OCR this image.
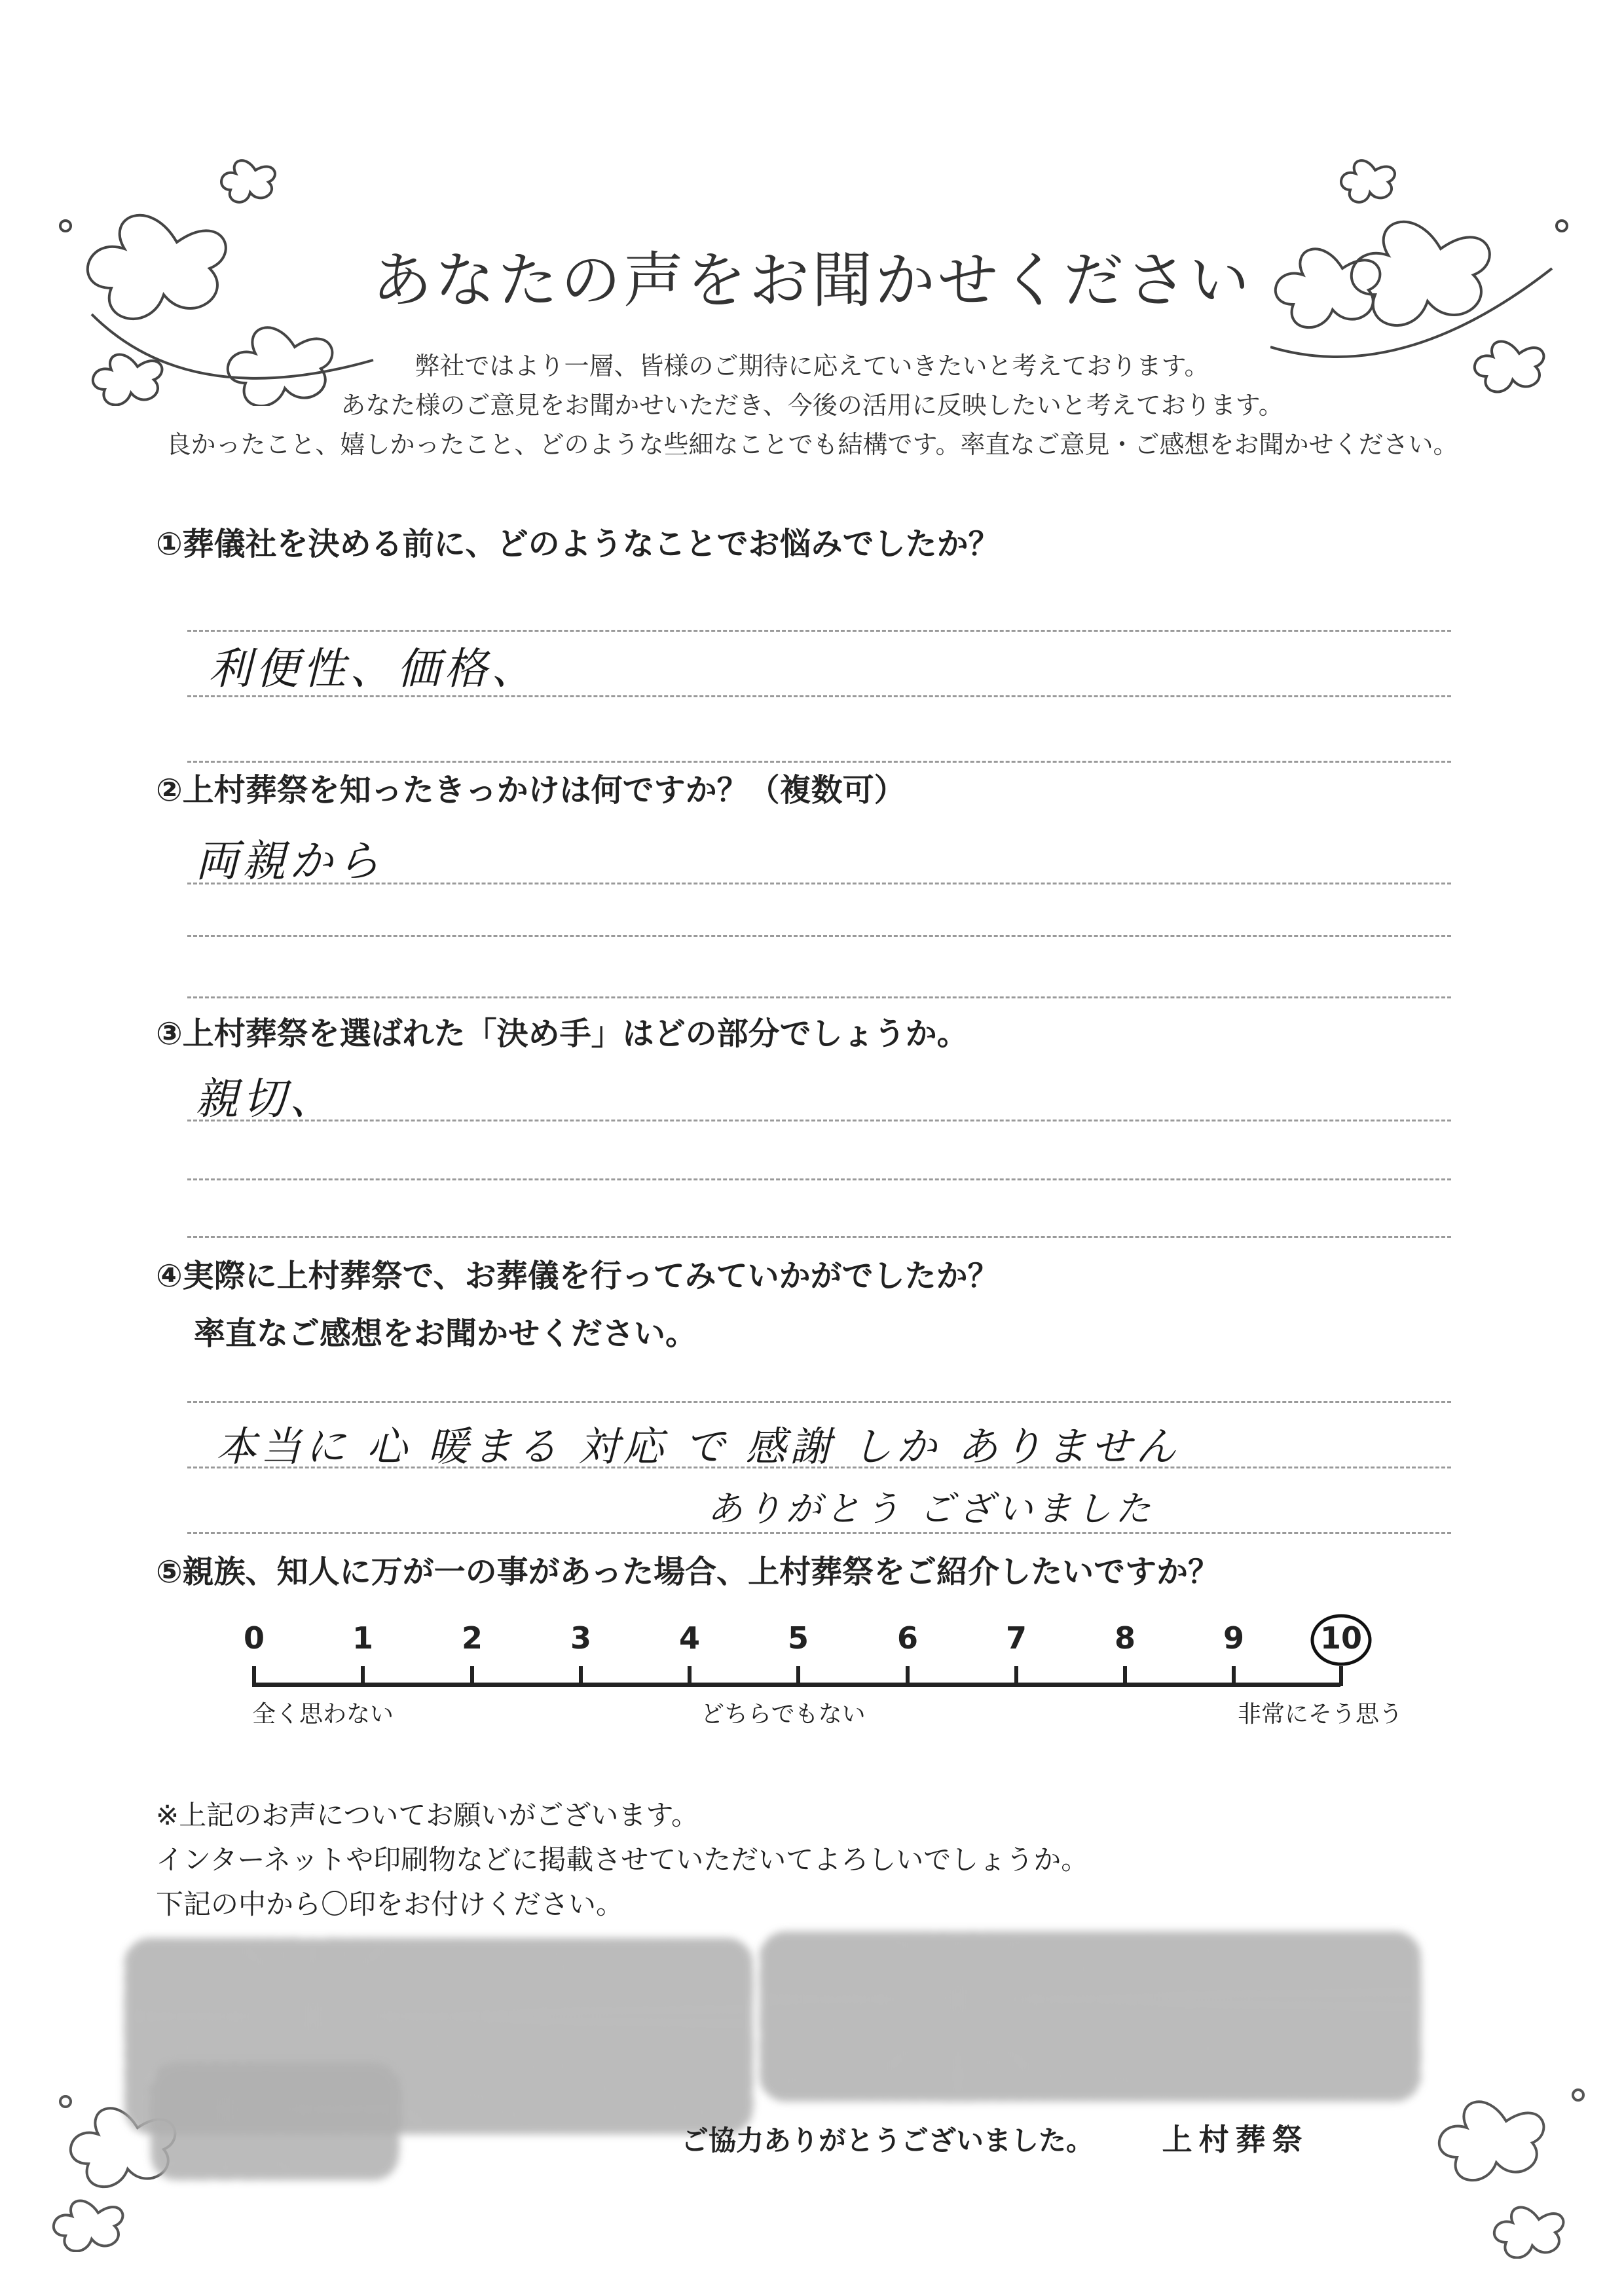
あなたの声をお聞かせください
弊社ではより一層、皆様のご期待に応えていきたいと考えております。
あなた様のご意見をお聞かせいただき、今後の活用に反映したいと考えております。
良かったこと、嬉しかったこと、どのような些細なことでも結構です。率直なご意見・ご感想をお聞かせください。
①葬儀社を決める前に、どのようなことでお悩みでしたか？
利便性、価格、
②上村葬祭を知ったきっかけは何ですか？（複数可）
両親から
③上村葬祭を選ばれた「決め手」はどの部分でしょうか。
親切、
④実際に上村葬祭で、お葬儀を行ってみていかがでしたか？
率直なご感想をお聞かせください。
本当に 心 暖まる 対応 で 感謝 しか ありません
ありがとう ございました
⑤親族、知人に万が一の事があった場合、上村葬祭をご紹介したいですか？
0	1	2	3	4	5	6	7	8	9	10
全く思わない	どちらでもない	非常にそう思う
※上記のお声についてお願いがございます。
インターネットや印刷物などに掲載させていただいてよろしいでしょうか。
下記の中から〇印をお付けください。
ご協力ありがとうございました。 上村葬祭
